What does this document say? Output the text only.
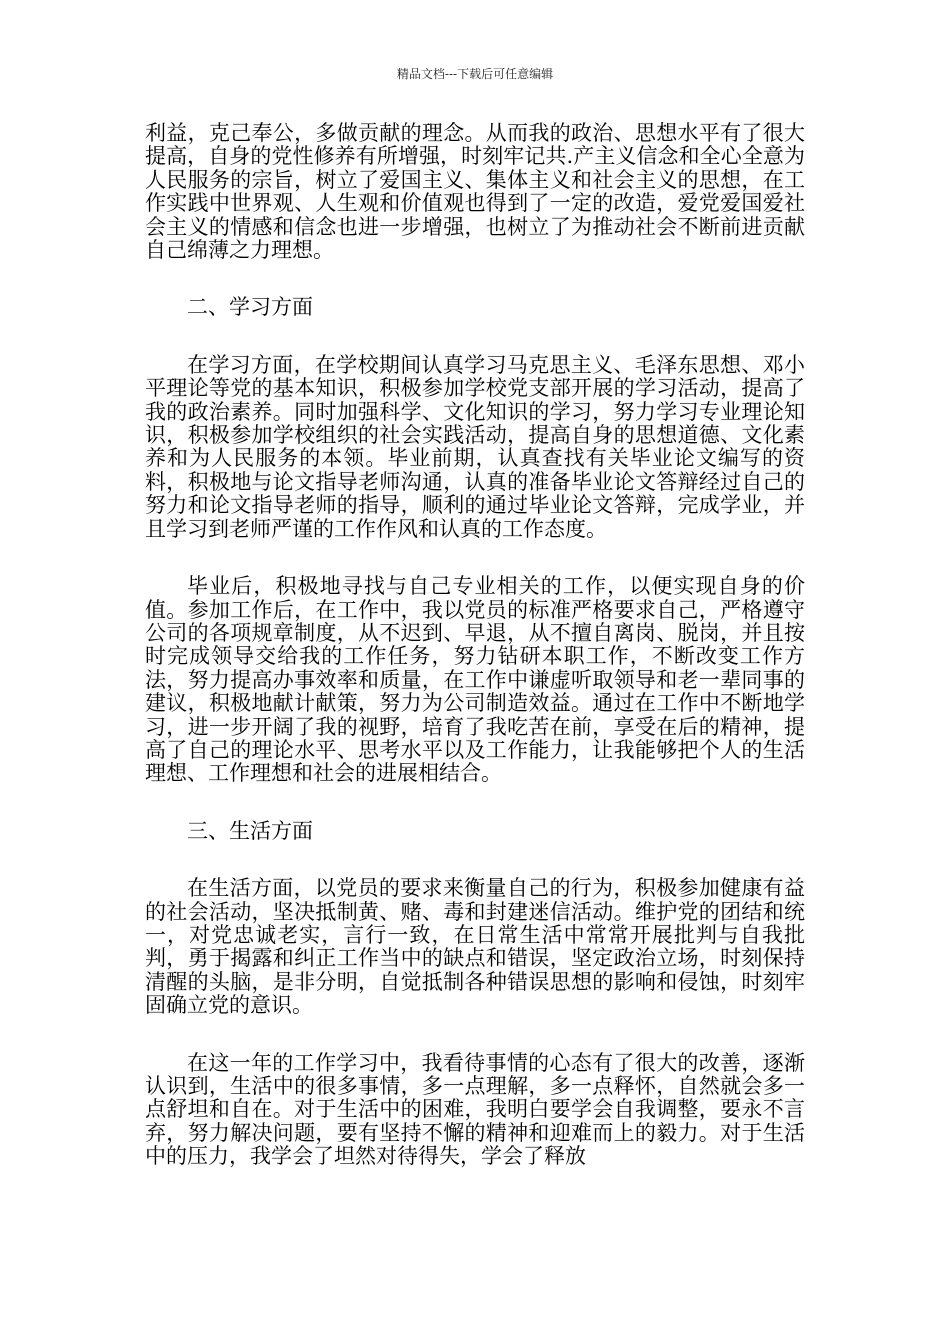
精品文档---下载后可任意编辑

利益，克己奉公，多做贡献的理念。从而我的政治、思想水平有了很大提高，自身的党性修养有所增强，时刻牢记共.产主义信念和全心全意为人民服务的宗旨，树立了爱国主义、集体主义和社会主义的思想，在工作实践中世界观、人生观和价值观也得到了一定的改造，爱党爱国爱社会主义的情感和信念也进一步增强，也树立了为推动社会不断前进贡献自己绵薄之力理想。

二、学习方面

在学习方面，在学校期间认真学习马克思主义、毛泽东思想、邓小平理论等党的基本知识，积极参加学校党支部开展的学习活动，提高了我的政治素养。同时加强科学、文化知识的学习，努力学习专业理论知识，积极参加学校组织的社会实践活动，提高自身的思想道德、文化素养和为人民服务的本领。毕业前期，认真查找有关毕业论文编写的资料，积极地与论文指导老师沟通，认真的准备毕业论文答辩经过自己的努力和论文指导老师的指导，顺利的通过毕业论文答辩，完成学业，并且学习到老师严谨的工作作风和认真的工作态度。

毕业后，积极地寻找与自己专业相关的工作，以便实现自身的价值。参加工作后，在工作中，我以党员的标准严格要求自己，严格遵守公司的各项规章制度，从不迟到、早退，从不擅自离岗、脱岗，并且按时完成领导交给我的工作任务，努力钻研本职工作，不断改变工作方法，努力提高办事效率和质量，在工作中谦虚听取领导和老一辈同事的建议，积极地献计献策，努力为公司制造效益。通过在工作中不断地学习，进一步开阔了我的视野，培育了我吃苦在前，享受在后的精神，提高了自己的理论水平、思考水平以及工作能力，让我能够把个人的生活理想、工作理想和社会的进展相结合。

三、生活方面

在生活方面，以党员的要求来衡量自己的行为，积极参加健康有益的社会活动，坚决抵制黄、赌、毒和封建迷信活动。维护党的团结和统一，对党忠诚老实，言行一致，在日常生活中常常开展批判与自我批判，勇于揭露和纠正工作当中的缺点和错误，坚定政治立场，时刻保持清醒的头脑，是非分明，自觉抵制各种错误思想的影响和侵蚀，时刻牢固确立党的意识。

在这一年的工作学习中，我看待事情的心态有了很大的改善，逐渐认识到，生活中的很多事情，多一点理解，多一点释怀，自然就会多一点舒坦和自在。对于生活中的困难，我明白要学会自我调整，要永不言弃，努力解决问题，要有坚持不懈的精神和迎难而上的毅力。对于生活中的压力，我学会了坦然对待得失，学会了释放
